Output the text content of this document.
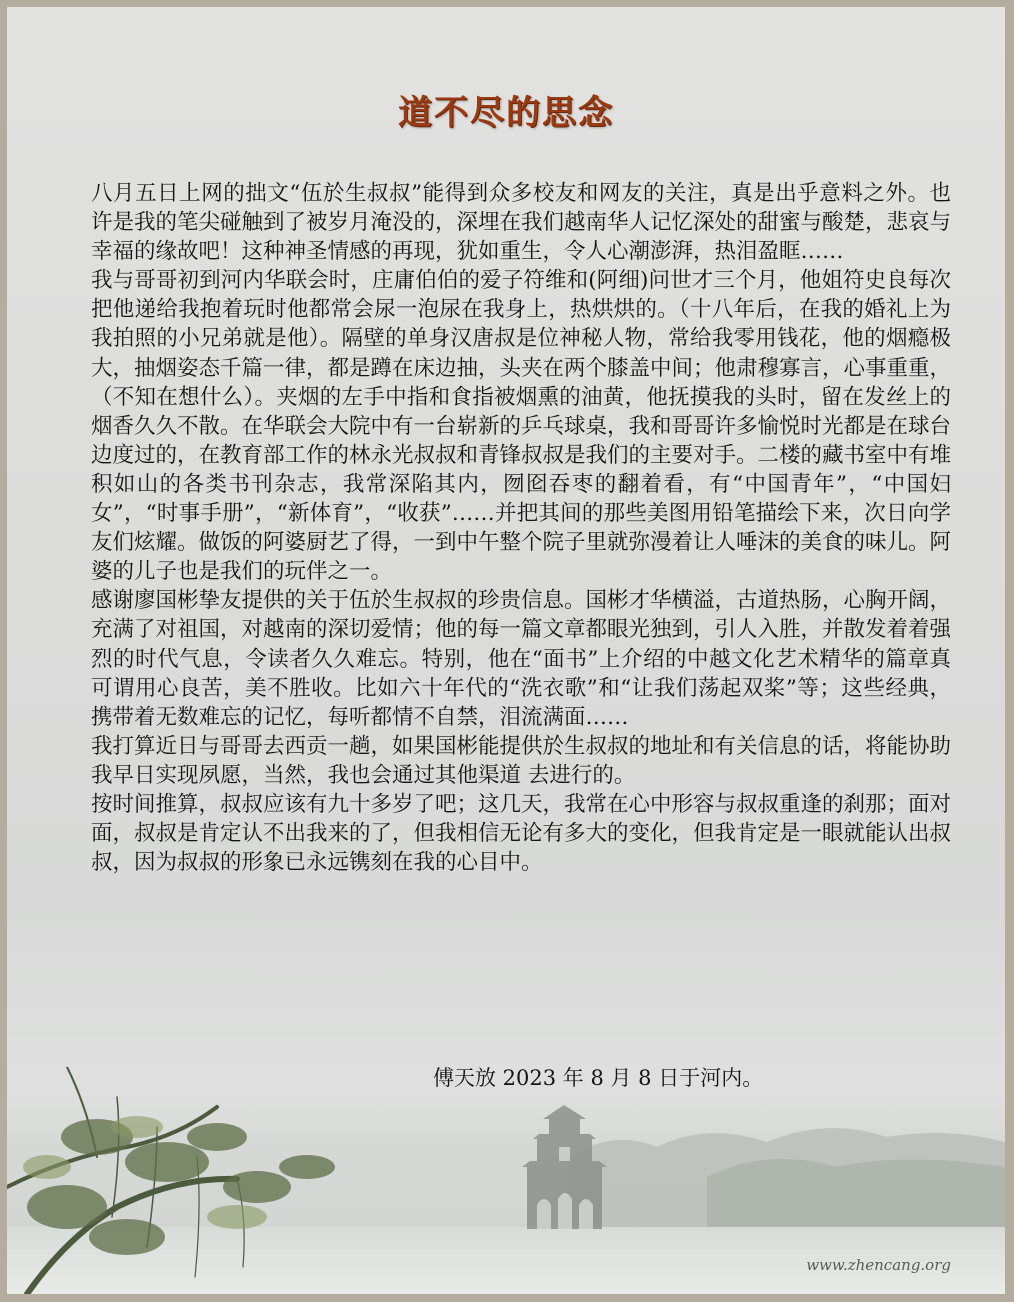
道不尽的思念

八月五日上网的拙文“伍於生叔叔”能得到众多校友和网友的关注，真是出乎意料之外。也许是我的笔尖碰触到了被岁月淹没的，深埋在我们越南华人记忆深处的甜蜜与酸楚，悲哀与幸福的缘故吧！这种神圣情感的再现，犹如重生，令人心潮澎湃，热泪盈眶……

我与哥哥初到河内华联会时，庄庸伯伯的爱子符维和(阿细)问世才三个月，他姐符史良每次把他递给我抱着玩时他都常会尿一泡尿在我身上，热烘烘的。（十八年后，在我的婚礼上为我拍照的小兄弟就是他）。隔壁的单身汉唐叔是位神秘人物，常给我零用钱花，他的烟瘾极大，抽烟姿态千篇一律，都是蹲在床边抽，头夹在两个膝盖中间；他肃穆寡言，心事重重，（不知在想什么）。夹烟的左手中指和食指被烟熏的油黄，他抚摸我的头时，留在发丝上的烟香久久不散。在华联会大院中有一台崭新的乒乓球桌，我和哥哥许多愉悦时光都是在球台边度过的，在教育部工作的林永光叔叔和青锋叔叔是我们的主要对手。二楼的藏书室中有堆积如山的各类书刊杂志，我常深陷其内，囫囵吞枣的翻着看，有“中国青年”，“中国妇女”，“时事手册”，“新体育”，“收获”……并把其间的那些美图用铅笔描绘下来，次日向学友们炫耀。做饭的阿婆厨艺了得，一到中午整个院子里就弥漫着让人唾沫的美食的味儿。阿婆的儿子也是我们的玩伴之一。

感谢廖国彬挚友提供的关于伍於生叔叔的珍贵信息。国彬才华横溢，古道热肠，心胸开阔，充满了对祖国，对越南的深切爱情；他的每一篇文章都眼光独到，引人入胜，并散发着着强烈的时代气息，令读者久久难忘。特别，他在“面书”上介绍的中越文化艺术精华的篇章真可谓用心良苦，美不胜收。比如六十年代的“洗衣歌”和“让我们荡起双桨”等；这些经典，携带着无数难忘的记忆，每听都情不自禁，泪流满面……

我打算近日与哥哥去西贡一趟，如果国彬能提供於生叔叔的地址和有关信息的话，将能协助我早日实现夙愿，当然，我也会通过其他渠道 去进行的。

按时间推算，叔叔应该有九十多岁了吧；这几天，我常在心中形容与叔叔重逢的刹那；面对面，叔叔是肯定认不出我来的了，但我相信无论有多大的变化，但我肯定是一眼就能认出叔叔，因为叔叔的形象已永远镌刻在我的心目中。

傅天放 2023 年 8 月 8 日于河内。
www.zhencang.org
